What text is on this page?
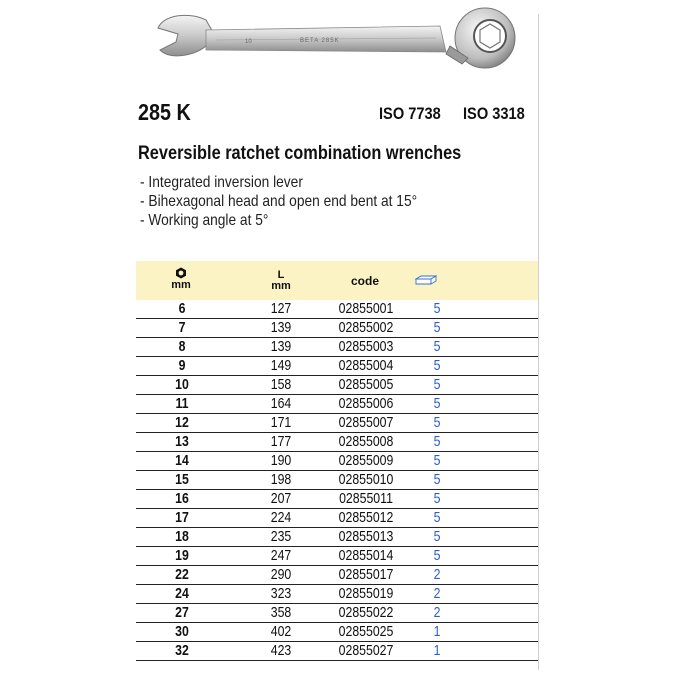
10	BETA 285K
285 K	ISO 7738 ISO 3318
Reversible ratchet combination wrenches
- Integrated inversion lever
- Bihexagonal head and open end bent at 15°
- Working angle at 5°
mm
L
mm	code
6	127	02855001	5
7	139	02855002	5
8	139	02855003	5
9	149	02855004	5
10	158	02855005	5
11	164	02855006	5
12	171	02855007	5
13	177	02855008	5
14	190	02855009	5
15	198	02855010	5
16	207	02855011	5
17	224	02855012	5
18	235	02855013	5
19	247	02855014	5
22	290	02855017	2
24	323	02855019	2
27	358	02855022	2
30	402	02855025	1
32	423	02855027	1
